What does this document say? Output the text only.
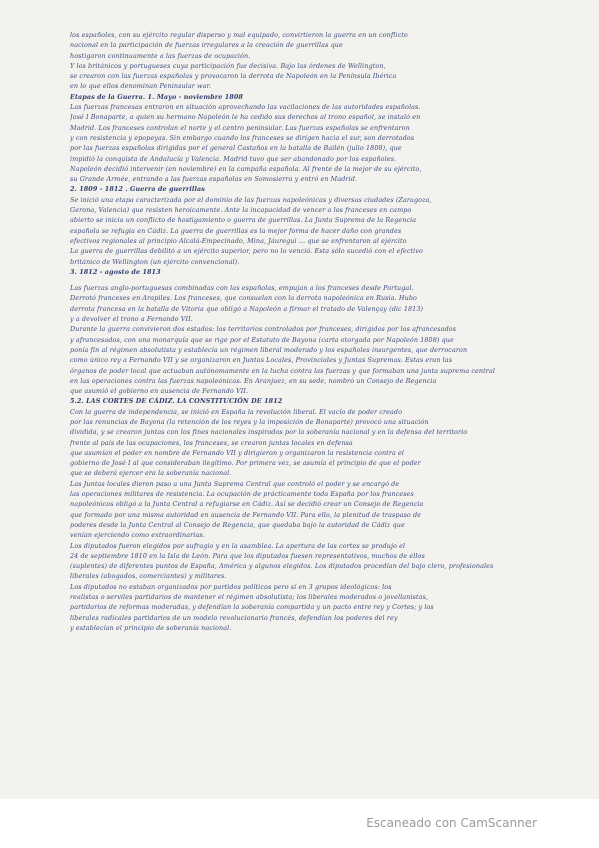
los españoles, con su ejército regular disperso y mal equipado, convirtieron la guerra en un conflicto
nacional en la participación de fuerzas irregulares a la creación de guerrillas que
hostigaron continuamente a las fuerzas de ocupación.
Y los británicos y portugueses cuya participación fue decisiva. Bajo las órdenes de Wellington,
se crearon con las fuerzas españolas y provocaron la derrota de Napoleón en la Península Ibérica
en lo que ellos denominan Peninsular war.
Etapas de la Guerra. 1. Mayo - noviembre 1808
Las fuerzas francesas entraron en situación aprovechando las vacilaciones de las autoridades españolas.
José I Bonaparte, a quien su hermano Napoleón le ha cedido sus derechos al trono español, se instaló en
Madrid. Los franceses controlan el norte y el centro peninsular. Las fuerzas españolas se enfrentaron
y con resistencia y epopeyas. Sin embargo cuando los franceses se dirigen hacia el sur, son derrotados
por las fuerzas españolas dirigidas por el general Castaños en la batalla de Bailén (julio 1808), que
impidió la conquista de Andalucía y Valencia. Madrid tuvo que ser abandonado por los españoles.
Napoleón decidió intervenir (en noviembre) en la campaña española. Al frente de la mejor de su ejército,
su Grande Armée, entrando a las fuerzas españolas en Somosierra y entró en Madrid.
2. 1809 - 1812 . Guerra de guerrillas
Se inició una etapa caracterizada por el dominio de las fuerzas napoleónicas y diversas ciudades (Zaragoza,
Gerona, Valencia) que resisten heroicamente. Ante la incapacidad de vencer a los franceses en campo
abierto se inicia un conflicto de hostigamiento o guerra de guerrillas. La Junta Suprema de la Regencia
española se refugia en Cádiz. La guerra de guerrillas es la mejor forma de hacer daño con grandes
efectivos regionales al principio Alcalá-Empecinado, Mina, Jáuregui ... que se enfrentaron al ejército
La guerra de guerrillas debilitó a un ejército superior, pero no lo venció. Esta sólo sucedió con el efectivo
británico de Wellington (un ejército convencional).
3. 1812 - agosto de 1813
Las fuerzas anglo-portuguesas combinadas con las españolas, empujan a los franceses desde Portugal.
Derrotó franceses en Arapiles. Los franceses, que consuelan con la derrota napoleónica en Rusia. Hubo
derrota francesa en la batalla de Vitoria que obligó a Napoleón a firmar el tratado de Valençay (dic 1813)
y a devolver el trono a Fernando VII.
Durante la guerra convivieron dos estados: los territorios controlados por franceses, dirigidos por los afrancesados
y afrancesados, con una monarquía que se rige por el Estatuto de Bayona (carta otorgada por Napoleón 1808) que
ponía fin al régimen absolutista y establecía un régimen liberal moderado y los españoles insurgentes, que derrocaron
como único rey a Fernando VII y se organizaron en Juntas Locales, Provinciales y Juntas Supremas. Estas eran las
órganos de poder local que actuaban autónomamente en la lucha contra las fuerzas y que formaban una junta suprema central
en las operaciones contra las fuerzas napoleónicas. En Aranjuez, en su sede, nombró un Consejo de Regencia
que asumió el gobierno en ausencia de Fernando VII.
5.2. LAS CORTES DE CÁDIZ. LA CONSTITUCIÓN DE 1812
Con la guerra de independencia, se inició en España la revolución liberal. El vacío de poder creado
por las renuncias de Bayona (la retención de los reyes y la imposición de Bonaparte) provocó una situación
dividida, y se crearon juntas con los fines nacionales inspirados por la soberanía nacional y en la defensa del territorio
frente al país de las ocupaciones, los franceses, se crearon juntas locales en defensa
que asumían el poder en nombre de Fernando VII y dirigieron y organizaron la resistencia contra el
gobierno de José I al que consideraban ilegítimo. Por primera vez, se asumía el principio de que el poder
que se deberá ejercer era la soberanía nacional.
Las Juntas locales dieron paso a una Junta Suprema Central que controló el poder y se encargó de
las operaciones militares de resistencia. La ocupación de prácticamente toda España por los franceses
napoleónicos obligó a la Junta Central a refugiarse en Cádiz. Así se decidió crear un Consejo de Regencia
que formada por una misma autoridad en ausencia de Fernando VII. Para ello, la plenitud de traspaso de
poderes desde la Junta Central al Consejo de Regencia, que quedaba bajo la autoridad de Cádiz que
venían ejerciendo como extraordinarias.
Los diputados fueron elegidos por sufragio y en la asamblea. La apertura de las cortes se produjo el
24 de septiembre 1810 en la Isla de León. Para que los diputados fuesen representativos, muchos de ellos
(suplentes) de diferentes puntos de España, América y algunos elegidos. Los diputados procedían del bajo clero, profesionales
liberales (abogados, comerciantes) y militares.
Los diputados no estaban organizados por partidos políticos pero sí en 3 grupos ideológicos: los
realistas o serviles partidarios de mantener el régimen absolutista; los liberales moderados o jovellanistas,
partidarios de reformas moderadas, y defendían la soberanía compartida y un pacto entre rey y Cortes; y los
liberales radicales partidarios de un modelo revolucionario francés, defendían los poderes del rey
y establecían el principio de soberanía nacional.
Escaneado con CamScanner
